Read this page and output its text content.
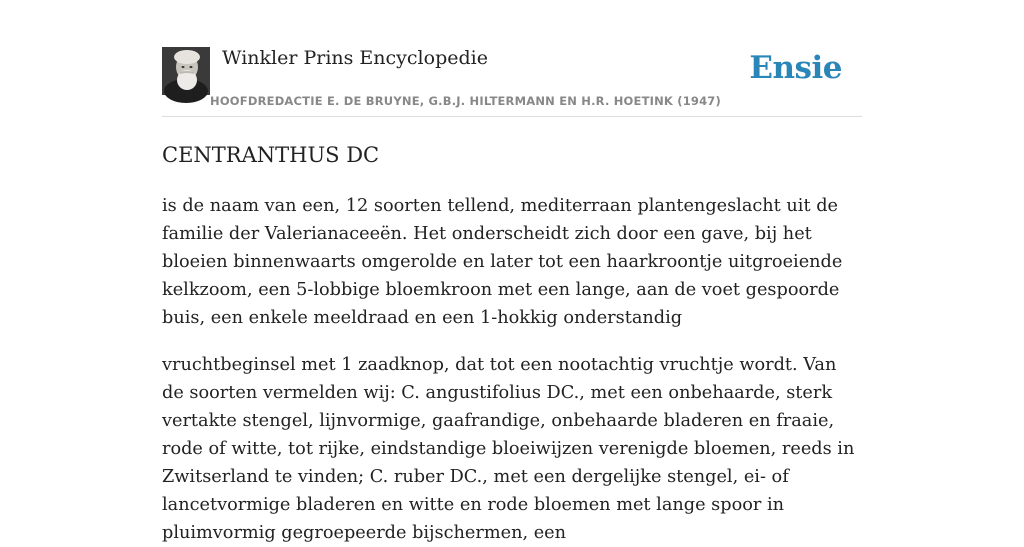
Winkler Prins Encyclopedie
HOOFDREDACTIE E. DE BRUYNE, G.B.J. HILTERMANN EN H.R. HOETINK (1947)
Ensie
CENTRANTHUS DC

is de naam van een, 12 soorten tellend, mediterraan plantengeslacht uit de familie der Valerianaceeën. Het onderscheidt zich door een gave, bij het bloeien binnenwaarts omgerolde en later tot een haarkroontje uitgroeiende kelkzoom, een 5-lobbige bloemkroon met een lange, aan de voet gespoorde buis, een enkele meeldraad en een 1-hokkig onderstandig

vruchtbeginsel met 1 zaadknop, dat tot een nootachtig vruchtje wordt. Van de soorten vermelden wij: C. angustifolius DC., met een onbehaarde, sterk vertakte stengel, lijnvormige, gaafrandige, onbehaarde bladeren en fraaie, rode of witte, tot rijke, eindstandige bloeiwijzen verenigde bloemen, reeds in Zwitserland te vinden; C. ruber DC., met een dergelijke stengel, ei- of lancetvormige bladeren en witte en rode bloemen met lange spoor in pluimvormig gegroepeerde bijschermen, een
